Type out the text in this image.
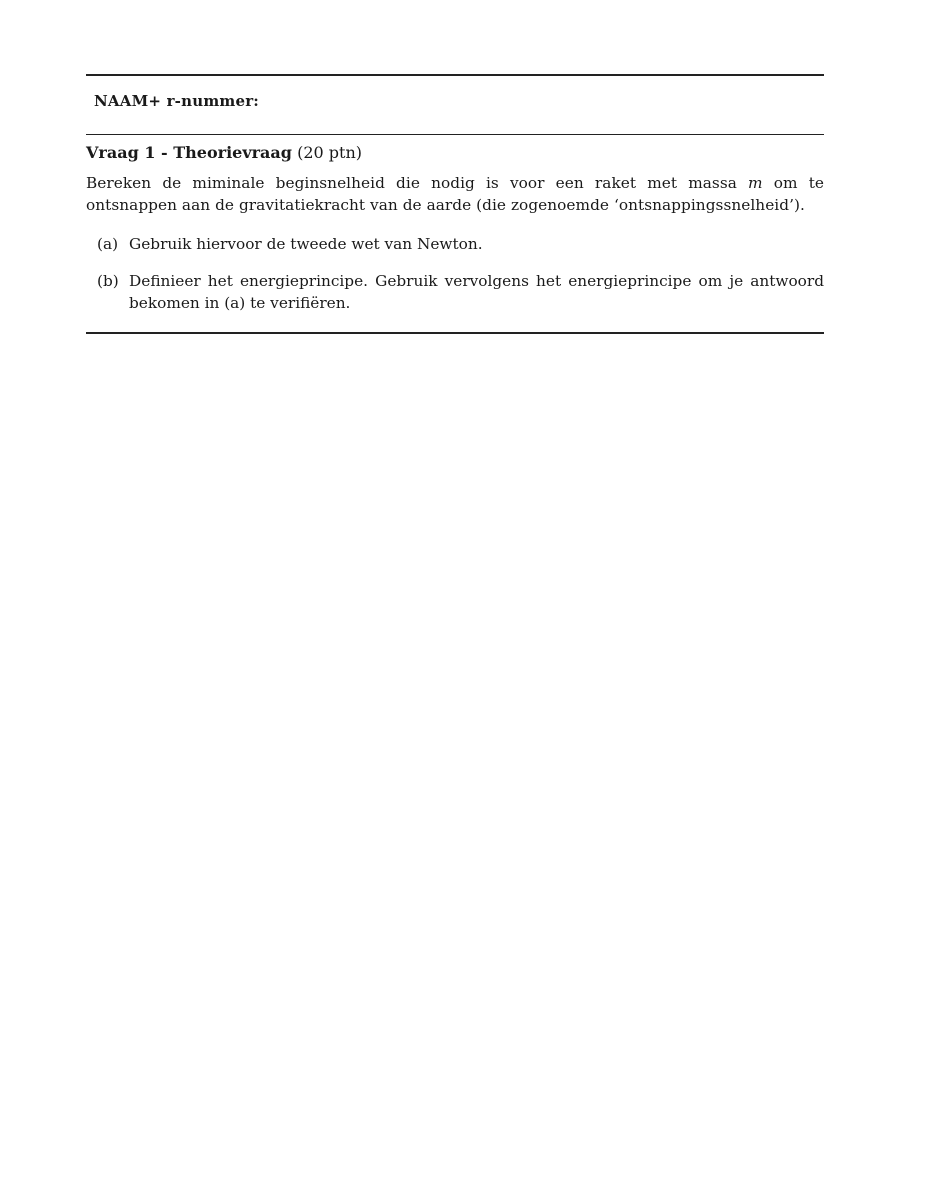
NAAM+ r-nummer:
Vraag 1 - Theorievraag (20 ptn)
Bereken de miminale beginsnelheid die nodig is voor een raket met massa m om te ontsnappen aan de gravitatiekracht van de aarde (die zogenoemde ‘ontsnappingssnelheid’).
(a) Gebruik hiervoor de tweede wet van Newton.
(b) Definieer het energieprincipe. Gebruik vervolgens het energieprincipe om je antwoord bekomen in (a) te verifiëren.
